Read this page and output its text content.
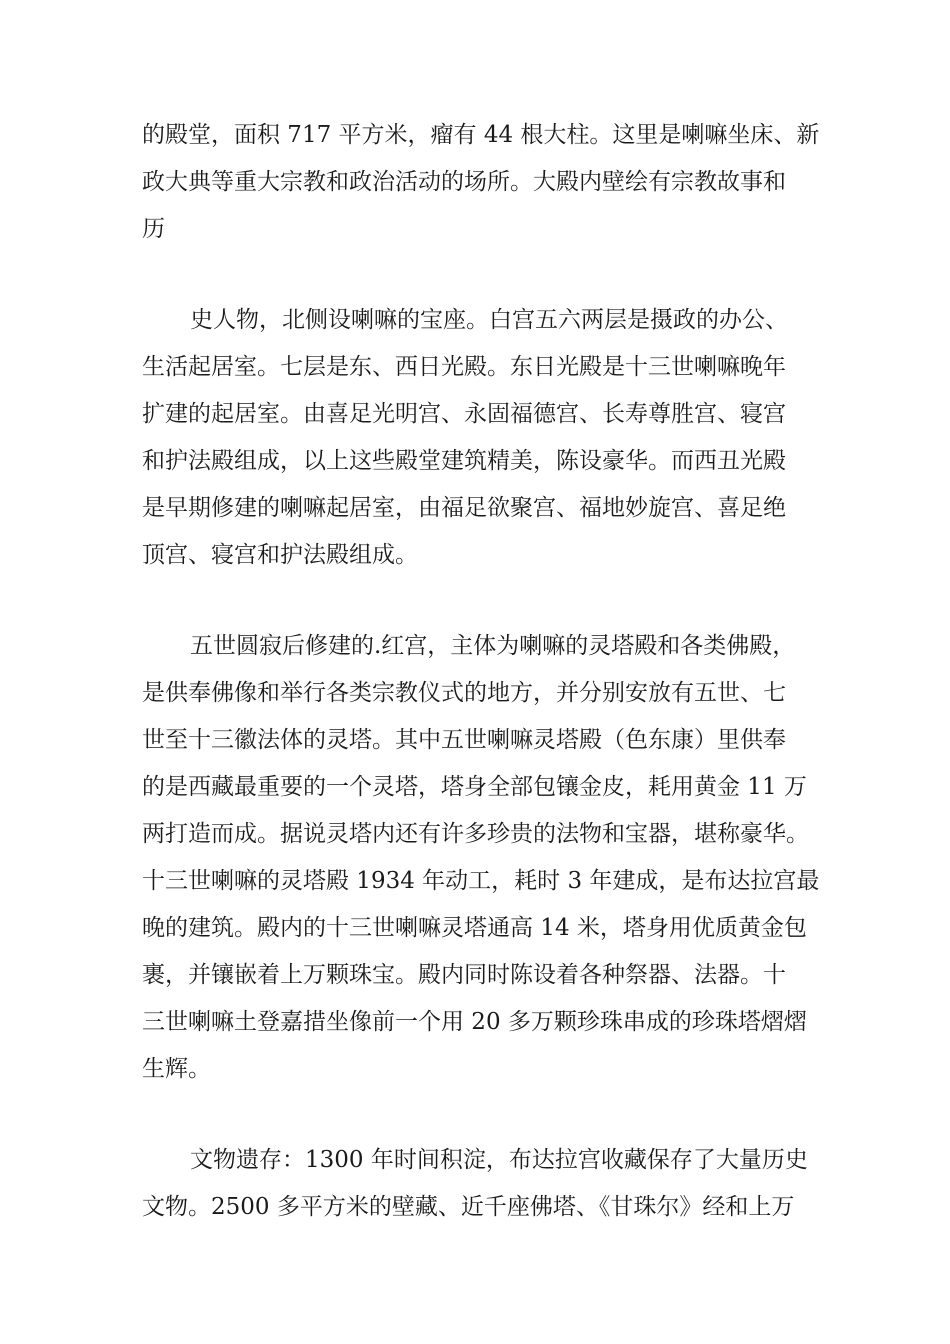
的殿堂，面积 717 平方米，瘤有 44 根大柱。这里是喇嘛坐床、新
政大典等重大宗教和政治活动的场所。大殿内壁绘有宗教故事和
历
史人物，北侧设喇嘛的宝座。白宫五六两层是摄政的办公、
生活起居室。七层是东、西日光殿。东日光殿是十三世喇嘛晚年
扩建的起居室。由喜足光明宫、永固福德宫、长寿尊胜宫、寝宫
和护法殿组成，以上这些殿堂建筑精美，陈设豪华。而西丑光殿
是早期修建的喇嘛起居室，由福足欲聚宫、福地妙旋宫、喜足绝
顶宫、寝宫和护法殿组成。
五世圆寂后修建的.红宫，主体为喇嘛的灵塔殿和各类佛殿，
是供奉佛像和举行各类宗教仪式的地方，并分别安放有五世、七
世至十三徽法体的灵塔。其中五世喇嘛灵塔殿（色东康）里供奉
的是西藏最重要的一个灵塔，塔身全部包镶金皮，耗用黄金 11 万
两打造而成。据说灵塔内还有许多珍贵的法物和宝器，堪称豪华。
十三世喇嘛的灵塔殿 1934 年动工，耗时 3 年建成，是布达拉宫最
晚的建筑。殿内的十三世喇嘛灵塔通高 14 米，塔身用优质黄金包
裹，并镶嵌着上万颗珠宝。殿内同时陈设着各种祭器、法器。十
三世喇嘛土登嘉措坐像前一个用 20 多万颗珍珠串成的珍珠塔熠熠
生辉。
文物遗存：1300 年时间积淀，布达拉宫收藏保存了大量历史
文物。2500 多平方米的壁藏、近千座佛塔、《甘珠尔》经和上万
